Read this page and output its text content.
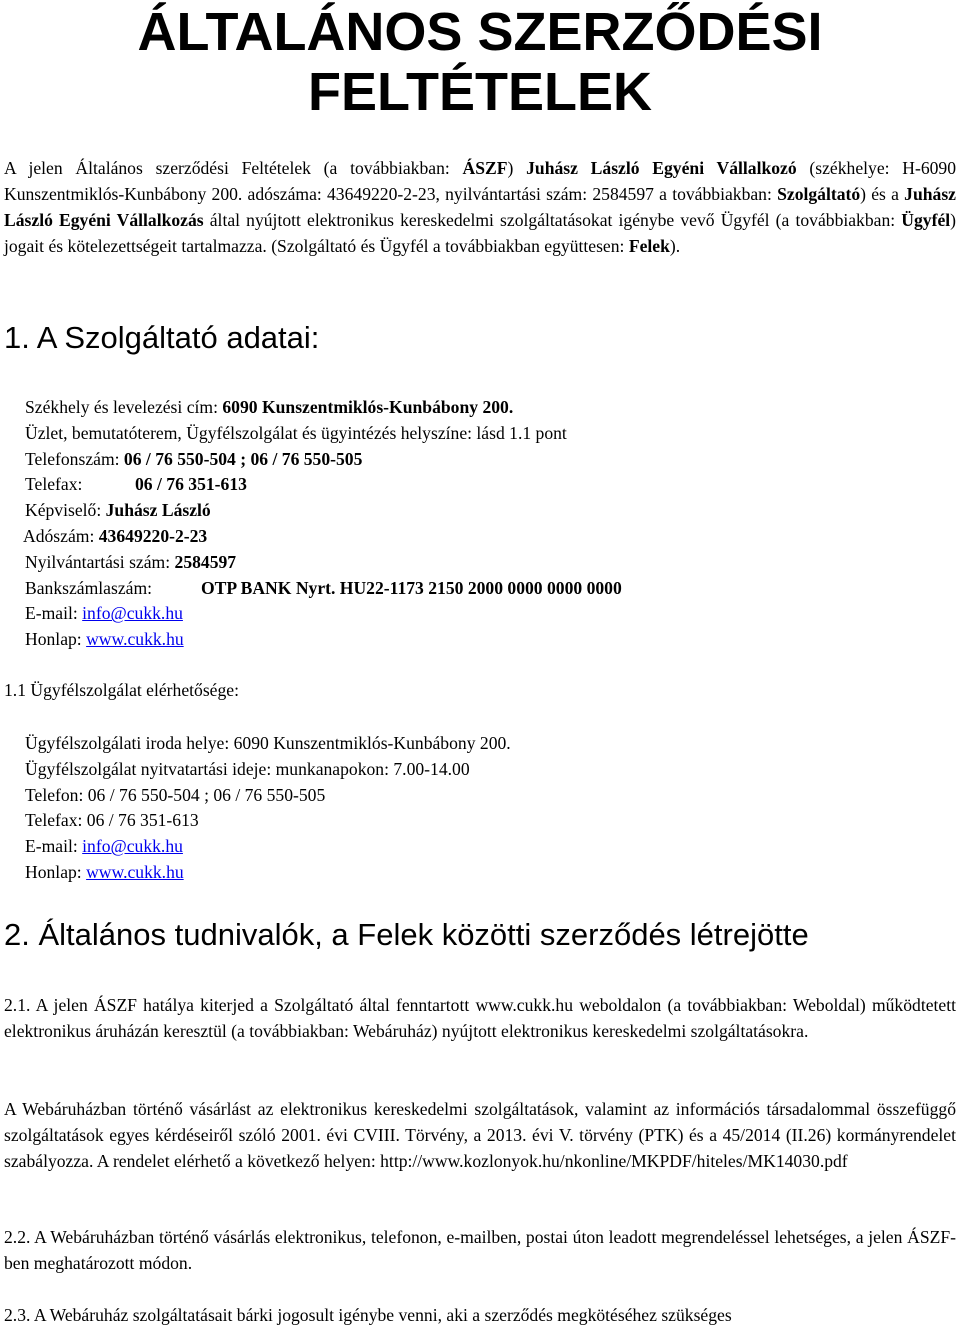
ÁLTALÁNOS SZERZŐDÉSI
FELTÉTELEK

A jelen Általános szerződési Feltételek (a továbbiakban: ÁSZF) Juhász László Egyéni Vállalkozó (székhelye: H-6090 Kunszentmiklós-Kunbábony 200. adószáma: 43649220-2-23, nyilvántartási szám: 2584597 a továbbiakban: Szolgáltató) és a Juhász László Egyéni Vállalkozás által nyújtott elektronikus kereskedelmi szolgáltatásokat igénybe vevő Ügyfél (a továbbiakban: Ügyfél) jogait és kötelezettségeit tartalmazza. (Szolgáltató és Ügyfél a továbbiakban együttesen: Felek).

1. A Szolgáltató adatai:
Székhely és levelezési cím: 6090 Kunszentmiklós-Kunbábony 200.
Üzlet, bemutatóterem, Ügyfélszolgálat és ügyintézés helyszíne: lásd 1.1 pont
Telefonszám: 06 / 76 550-504 ; 06 / 76 550-505
Telefax:	06 / 76 351-613
Képviselő: Juhász László
Adószám: 43649220-2-23
Nyilvántartási szám: 2584597
Bankszámlaszám:	OTP BANK Nyrt. HU22-1173 2150 2000 0000 0000 0000
E-mail: info@cukk.hu
Honlap: www.cukk.hu
1.1 Ügyfélszolgálat elérhetősége:
Ügyfélszolgálati iroda helye: 6090 Kunszentmiklós-Kunbábony 200.
Ügyfélszolgálat nyitvatartási ideje: munkanapokon: 7.00-14.00
Telefon: 06 / 76 550-504 ; 06 / 76 550-505
Telefax: 06 / 76 351-613
E-mail: info@cukk.hu
Honlap: www.cukk.hu
2. Általános tudnivalók, a Felek közötti szerződés létrejötte

2.1. A jelen ÁSZF hatálya kiterjed a Szolgáltató által fenntartott www.cukk.hu weboldalon (a továbbiakban: Weboldal) működtetett elektronikus áruházán keresztül (a továbbiakban: Webáruház) nyújtott elektronikus kereskedelmi szolgáltatásokra.

A Webáruházban történő vásárlást az elektronikus kereskedelmi szolgáltatások, valamint az információs társadalommal összefüggő szolgáltatások egyes kérdéseiről szóló 2001. évi CVIII. Törvény, a 2013. évi V. törvény (PTK) és a 45/2014 (II.26) kormányrendelet szabályozza. A rendelet elérhető a következő helyen: http://www.kozlonyok.hu/nkonline/MKPDF/hiteles/MK14030.pdf

2.2. A Webáruházban történő vásárlás elektronikus, telefonon, e-mailben, postai úton leadott megrendeléssel lehetséges, a jelen ÁSZF-ben meghatározott módon.

2.3. A Webáruház szolgáltatásait bárki jogosult igénybe venni, aki a szerződés megkötéséhez szükséges
